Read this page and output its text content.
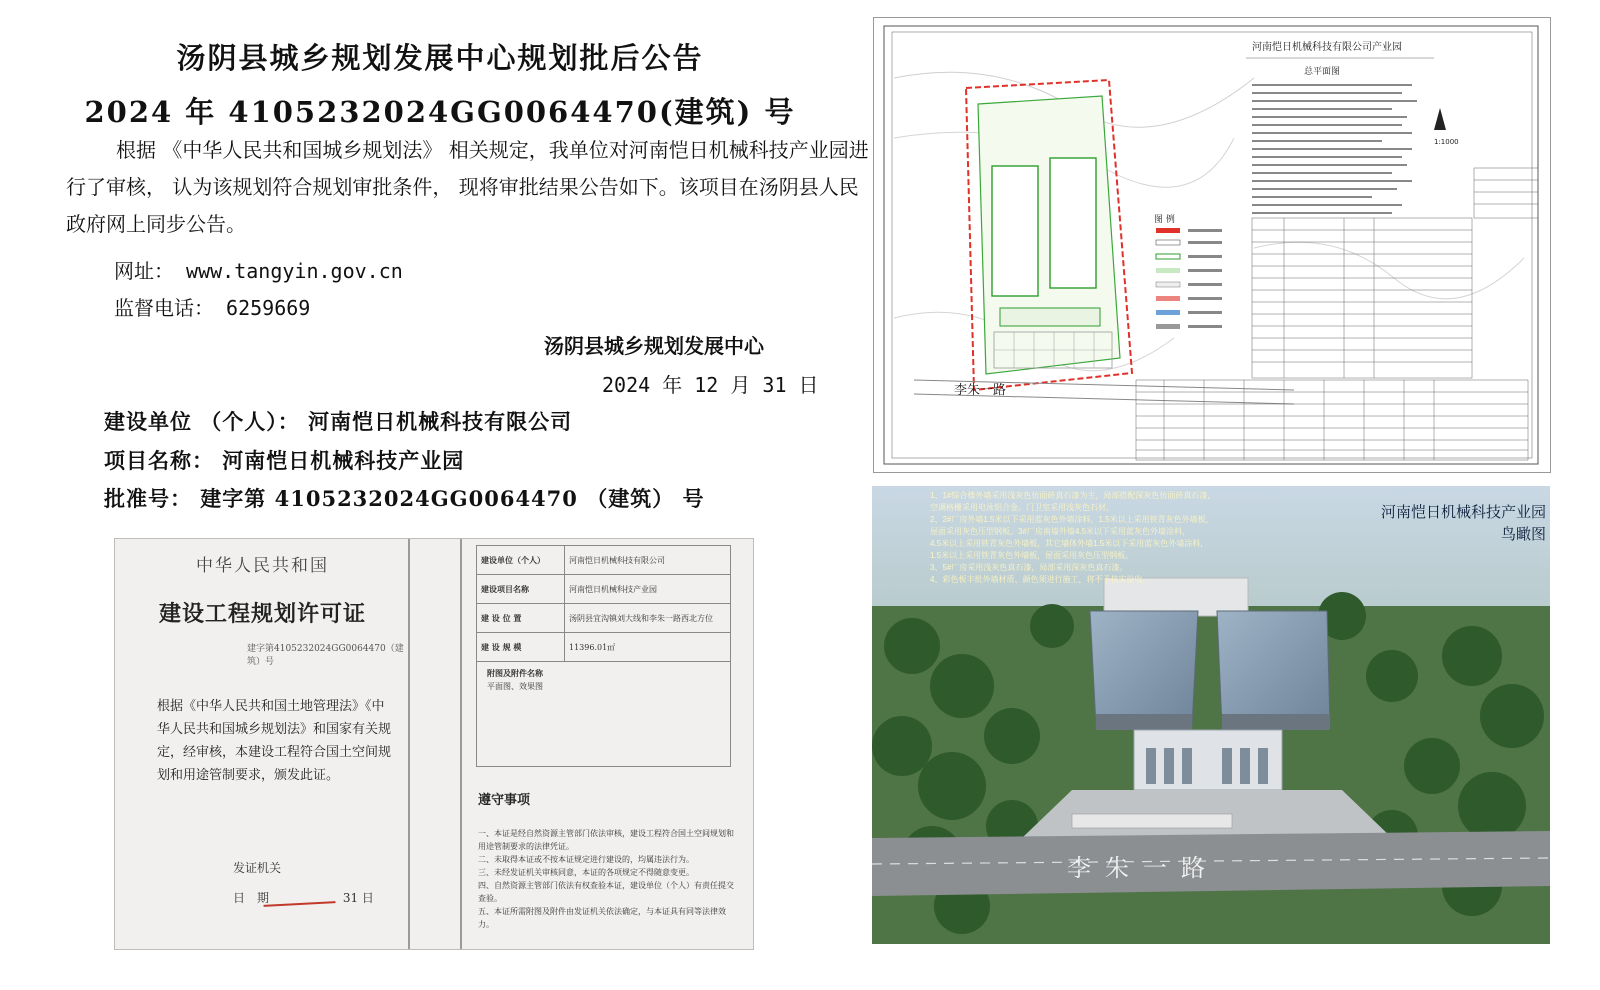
汤阴县城乡规划发展中心规划批后公告
2024 年 4105232024GG0064470(建筑) 号
根据 《中华人民共和国城乡规划法》 相关规定，我单位对河南恺日机械科技产业园进行了审核， 认为该规划符合规划审批条件， 现将审批结果公告如下。该项目在汤阴县人民政府网上同步公告。
网址： www.tangyin.gov.cn
监督电话： 6259669
汤阴县城乡规划发展中心
2024 年 12 月 31 日
建设单位 （个人）： 河南恺日机械科技有限公司
项目名称： 河南恺日机械科技产业园
批准号： 建字第 4105232024GG0064470 （建筑） 号
中华人民共和国
建设工程规划许可证
建字第4105232024GG0064470（建筑）号
根据《中华人民共和国土地管理法》《中华人民共和国城乡规划法》和国家有关规定，经审核，本建设工程符合国土空间规划和用途管制要求，颁发此证。
发证机关
日　期	31 日
建设单位（个人）	河南恺日机械科技有限公司
建设项目名称	河南恺日机械科技产业园
建 设 位 置	汤阴县宜沟镇刘大线和李朱一路西北方位
建 设 规 模	11396.01㎡
附图及附件名称
平面图、效果图
遵守事项
一、本证是经自然资源主管部门依法审核，建设工程符合国土空间规划和用途管制要求的法律凭证。
二、未取得本证或不按本证规定进行建设的，均属违法行为。
三、未经发证机关审核同意，本证的各项规定不得随意变更。
四、自然资源主管部门依法有权查验本证，建设单位（个人）有责任提交查验。
五、本证所需附图及附件由发证机关依法确定，与本证具有同等法律效力。
李朱一路
河南恺日机械科技有限公司产业园
总平面图
1:1000
图 例
1、1#综合楼外墙采用浅灰色仿面砖真石漆为主，局部搭配深灰色仿面砖真石漆，
空调格栅采用电泳铝合金。门卫室采用浅灰色石材。
2、2#厂房外墙1.5米以下采用蓝灰色外墙涂料，1.5米以上采用铁青灰色外墙板，
屋面采用灰色压型钢板。3#厂房南墙外墙4.5米以下采用蓝灰色外墙涂料，
4.5米以上采用铁青灰色外墙板，其它墙体外墙1.5米以下采用蓝灰色外墙涂料，
1.5米以上采用铁青灰色外墙板，屋面采用灰色压型钢板。
3、5#厂房采用浅灰色真石漆，局部采用深灰色真石漆。
4、彩色板丰批外墙材质、颜色须进行施工，将不予核实验收。
河南恺日机械科技产业园
鸟瞰图
李朱一路
